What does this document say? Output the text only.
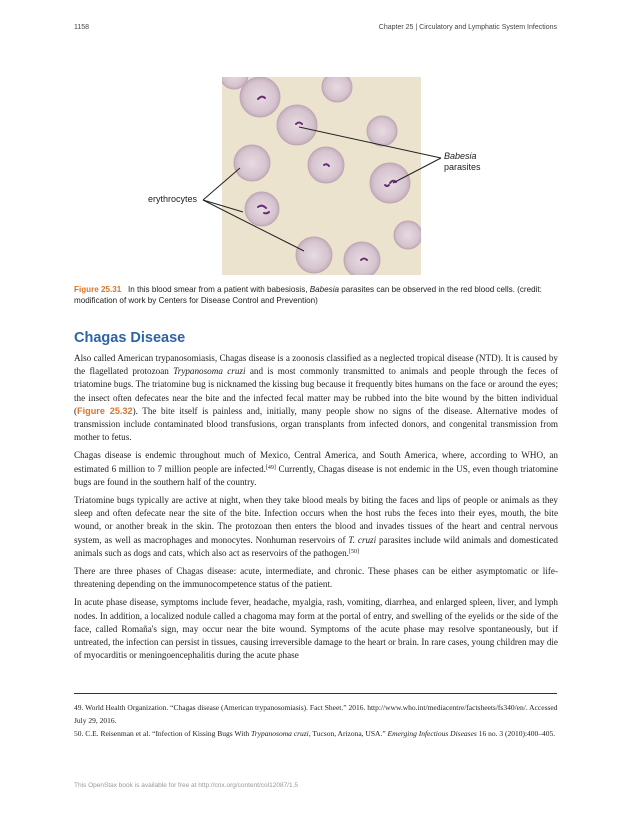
1158	Chapter 25 | Circulatory and Lymphatic System Infections
erythrocytes
Babesia
parasites
Figure 25.31 In this blood smear from a patient with babesiosis, Babesia parasites can be observed in the red blood cells. (credit: modification of work by Centers for Disease Control and Prevention)
Chagas Disease

Also called American trypanosomiasis, Chagas disease is a zoonosis classified as a neglected tropical disease (NTD). It is caused by the flagellated protozoan Trypanosoma cruzi and is most commonly transmitted to animals and people through the feces of triatomine bugs. The triatomine bug is nicknamed the kissing bug because it frequently bites humans on the face or around the eyes; the insect often defecates near the bite and the infected fecal matter may be rubbed into the bite wound by the bitten individual (Figure 25.32). The bite itself is painless and, initially, many people show no signs of the disease. Alternative modes of transmission include contaminated blood transfusions, organ transplants from infected donors, and congenital transmission from mother to fetus.

Chagas disease is endemic throughout much of Mexico, Central America, and South America, where, according to WHO, an estimated 6 million to 7 million people are infected.[49] Currently, Chagas disease is not endemic in the US, even though triatomine bugs are found in the southern half of the country.

Triatomine bugs typically are active at night, when they take blood meals by biting the faces and lips of people or animals as they sleep and often defecate near the site of the bite. Infection occurs when the host rubs the feces into their eyes, mouth, the bite wound, or another break in the skin. The protozoan then enters the blood and invades tissues of the heart and central nervous system, as well as macrophages and monocytes. Nonhuman reservoirs of T. cruzi parasites include wild animals and domesticated animals such as dogs and cats, which also act as reservoirs of the pathogen.[50]

There are three phases of Chagas disease: acute, intermediate, and chronic. These phases can be either asymptomatic or life-threatening depending on the immunocompetence status of the patient.

In acute phase disease, symptoms include fever, headache, myalgia, rash, vomiting, diarrhea, and enlarged spleen, liver, and lymph nodes. In addition, a localized nodule called a chagoma may form at the portal of entry, and swelling of the eyelids or the side of the face, called Romaña's sign, may occur near the bite wound. Symptoms of the acute phase may resolve spontaneously, but if untreated, the infection can persist in tissues, causing irreversible damage to the heart or brain. In rare cases, young children may die of myocarditis or meningoencephalitis during the acute phase

49. World Health Organization. “Chagas disease (American trypanosomiasis). Fact Sheet.” 2016. http://www.who.int/mediacentre/factsheets/fs340/en/. Accessed July 29, 2016.

50. C.E. Reisenman et al. “Infection of Kissing Bugs With Trypanosoma cruzi, Tucson, Arizona, USA.” Emerging Infectious Diseases 16 no. 3 (2010):400–405.

This OpenStax book is available for free at http://cnx.org/content/col12087/1.5
